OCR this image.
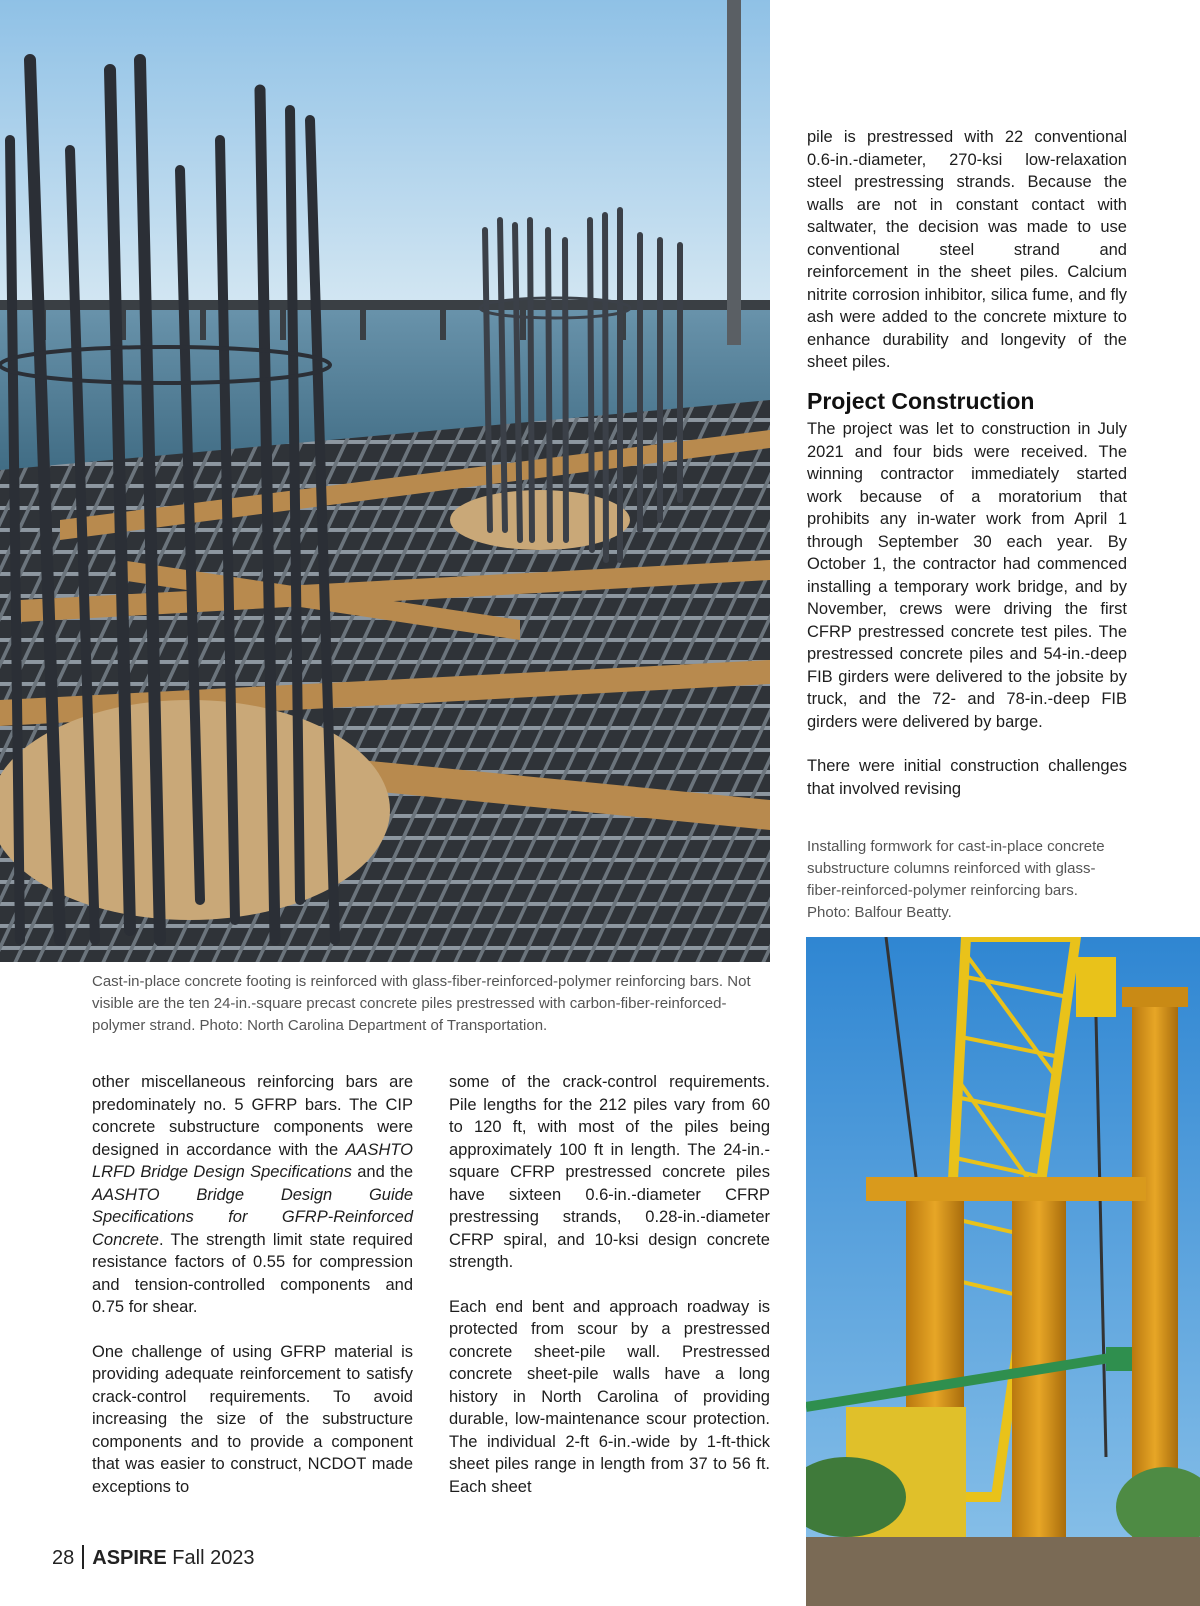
pile is prestressed with 22 conventional 0.6-in.-diameter, 270-ksi low-relaxation steel prestressing strands. Because the walls are not in constant contact with saltwater, the decision was made to use conventional steel strand and reinforcement in the sheet piles. Calcium nitrite corrosion inhibitor, silica fume, and fly ash were added to the concrete mixture to enhance durability and longevity of the sheet piles.

Project Construction

The project was let to construction in July 2021 and four bids were received. The winning contractor immediately started work because of a moratorium that prohibits any in-water work from April 1 through September 30 each year. By October 1, the contractor had commenced installing a temporary work bridge, and by November, crews were driving the first CFRP prestressed concrete test piles. The prestressed concrete piles and 54-in.-deep FIB girders were delivered to the jobsite by truck, and the 72- and 78-in.-deep FIB girders were delivered by barge.

There were initial construction challenges that involved revising

Installing formwork for cast-in-place concrete substructure columns reinforced with glass-fiber-reinforced-polymer reinforcing bars. Photo: Balfour Beatty.
Cast-in-place concrete footing is reinforced with glass-fiber-reinforced-polymer reinforcing bars. Not visible are the ten 24-in.-square precast concrete piles prestressed with carbon-fiber-reinforced-polymer strand. Photo: North Carolina Department of Transportation.

other miscellaneous reinforcing bars are predominately no. 5 GFRP bars. The CIP concrete substructure components were designed in accordance with the AASHTO LRFD Bridge Design Specifications and the AASHTO Bridge Design Guide Specifications for GFRP-Reinforced Concrete. The strength limit state required resistance factors of 0.55 for compression and tension-controlled components and 0.75 for shear.

One challenge of using GFRP material is providing adequate reinforcement to satisfy crack-control requirements. To avoid increasing the size of the substructure components and to provide a component that was easier to construct, NCDOT made exceptions to

some of the crack-control requirements. Pile lengths for the 212 piles vary from 60 to 120 ft, with most of the piles being approximately 100 ft in length. The 24-in.-square CFRP prestressed concrete piles have sixteen 0.6-in.-diameter CFRP prestressing strands, 0.28-in.-diameter CFRP spiral, and 10-ksi design concrete strength.

Each end bent and approach roadway is protected from scour by a prestressed concrete sheet-pile wall. Prestressed concrete sheet-pile walls have a long history in North Carolina of providing durable, low-maintenance scour protection. The individual 2-ft 6-in.-wide by 1-ft-thick sheet piles range in length from 37 to 56 ft. Each sheet

28 ASPIRE Fall 2023
